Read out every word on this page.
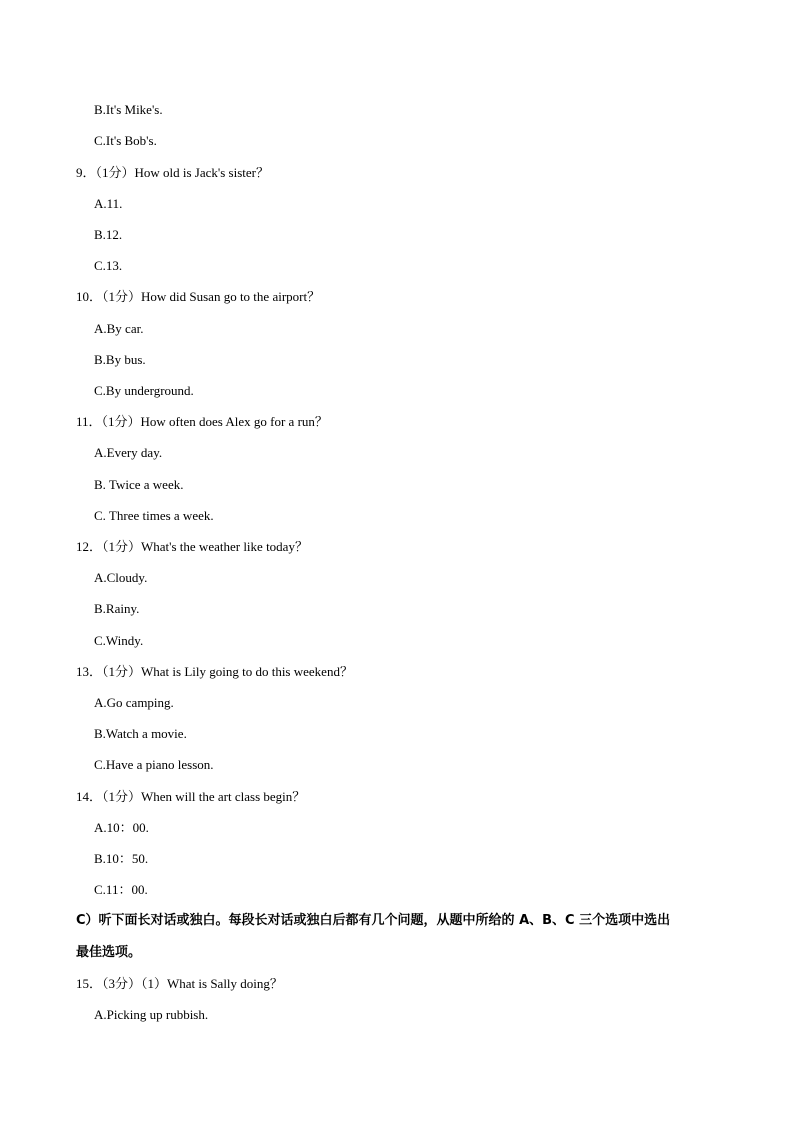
B.It's Mike's.
C.It's Bob's.
9．（1分）How old is Jack's sister？
A.11.
B.12.
C.13.
10．（1分）How did Susan go to the airport？
A.By car.
B.By bus.
C.By underground.
11．（1分）How often does Alex go for a run？
A.Every day.
B. Twice a week.
C. Three times a week.
12．（1分）What's the weather like today？
A.Cloudy.
B.Rainy.
C.Windy.
13．（1分）What is Lily going to do this weekend？
A.Go camping.
B.Watch a movie.
C.Have a piano lesson.
14．（1分）When will the art class begin？
A.10：00.
B.10：50.
C.11：00.
C）听下面长对话或独白。每段长对话或独白后都有几个问题，从题中所给的 A、B、C 三个选项中选出
最佳选项。
15．（3分）（1）What is Sally doing？
A.Picking up rubbish.
